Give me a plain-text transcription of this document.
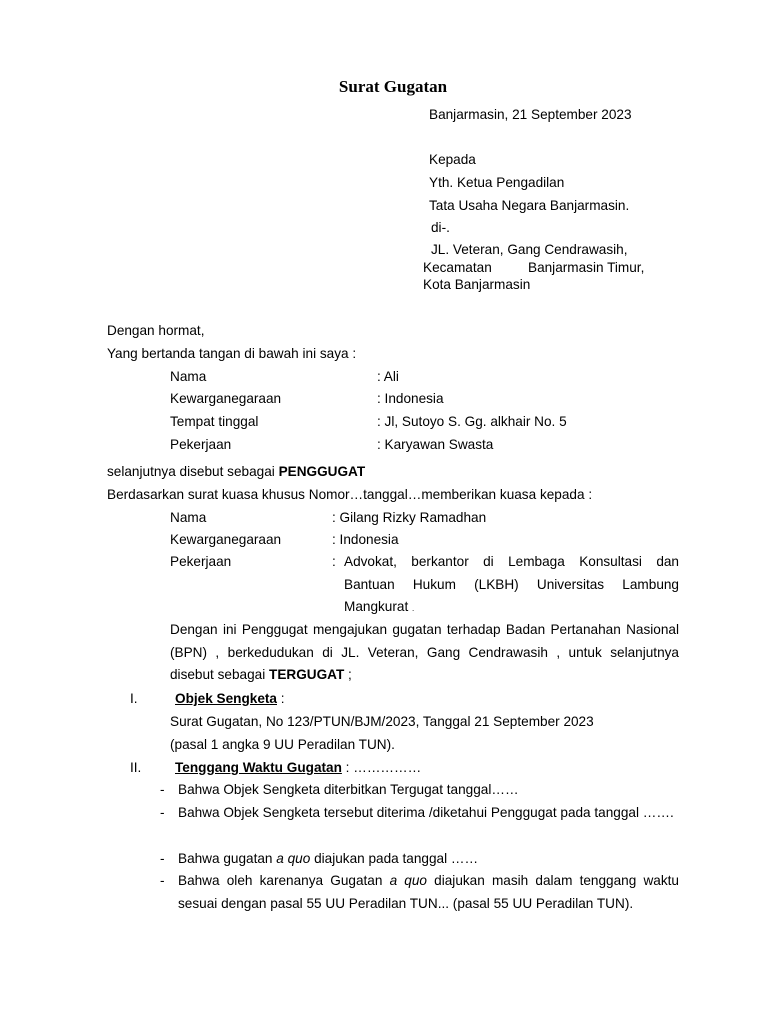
Surat Gugatan
Banjarmasin, 21 September 2023
Kepada
Yth. Ketua Pengadilan
Tata Usaha Negara Banjarmasin.
di-.
JL. Veteran, Gang Cendrawasih,
Kecamatan	Banjarmasin Timur,
Kota Banjarmasin
Dengan hormat,
Yang bertanda tangan di bawah ini saya :
Nama	: Ali
Kewarganegaraan	: Indonesia
Tempat tinggal	: Jl, Sutoyo S. Gg. alkhair No. 5
Pekerjaan	: Karyawan Swasta
selanjutnya disebut sebagai PENGGUGAT
Berdasarkan surat kuasa khusus Nomor…tanggal…memberikan kuasa kepada :
Nama	: Gilang Rizky Ramadhan
Kewarganegaraan	: Indonesia
Pekerjaan	: Advokat, berkantor di Lembaga Konsultasi dan Bantuan Hukum (LKBH) Universitas Lambung Mangkurat .
Dengan ini Penggugat mengajukan gugatan terhadap Badan Pertanahan Nasional (BPN) , berkedudukan di JL. Veteran, Gang Cendrawasih , untuk selanjutnya disebut sebagai TERGUGAT ;
I.	Objek Sengketa :
Surat Gugatan, No 123/PTUN/BJM/2023, Tanggal 21 September 2023
(pasal 1 angka 9 UU Peradilan TUN).
II. Tenggang Waktu Gugatan : ……………
- Bahwa Objek Sengketa diterbitkan Tergugat tanggal……
- Bahwa Objek Sengketa tersebut diterima /diketahui Penggugat pada tanggal …….
- Bahwa gugatan a quo diajukan pada tanggal ……
- Bahwa oleh karenanya Gugatan a quo diajukan masih dalam tenggang waktu sesuai dengan pasal 55 UU Peradilan TUN... (pasal 55 UU Peradilan TUN).
